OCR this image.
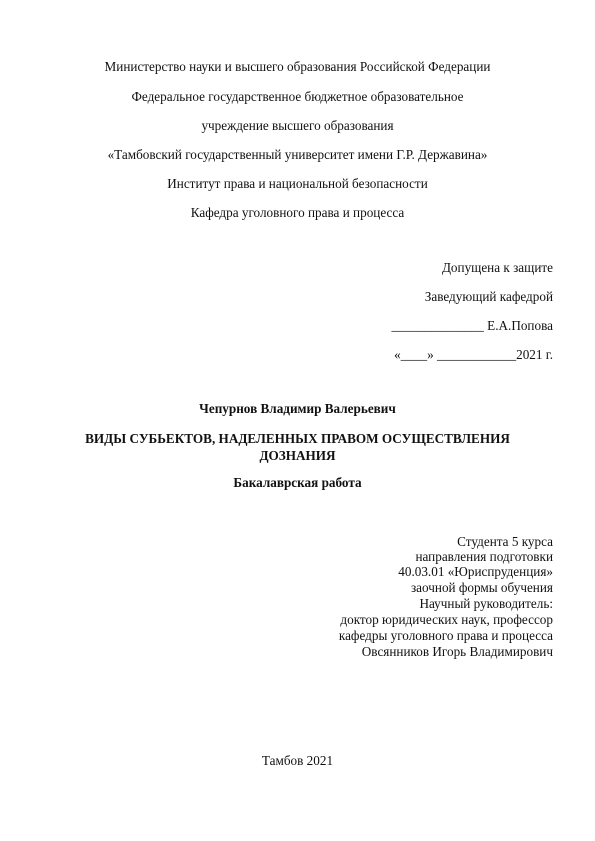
Министерство науки и высшего образования Российской Федерации
Федеральное государственное бюджетное образовательное
учреждение высшего образования
«Тамбовский государственный университет имени Г.Р. Державина»
Институт права и национальной безопасности
Кафедра уголовного права и процесса
Допущена к защите
Заведующий кафедрой
______________ Е.А.Попова
«____» ____________2021 г.
Чепурнов Владимир Валерьевич
ВИДЫ СУБЬЕКТОВ, НАДЕЛЕННЫХ ПРАВОМ ОСУЩЕСТВЛЕНИЯ ДОЗНАНИЯ
Бакалаврская работа
Студента 5 курса
направления подготовки
40.03.01 «Юриспруденция»
заочной формы обучения
Научный руководитель:
доктор юридических наук, профессор
кафедры уголовного права и процесса
Овсянников Игорь Владимирович
Тамбов 2021
